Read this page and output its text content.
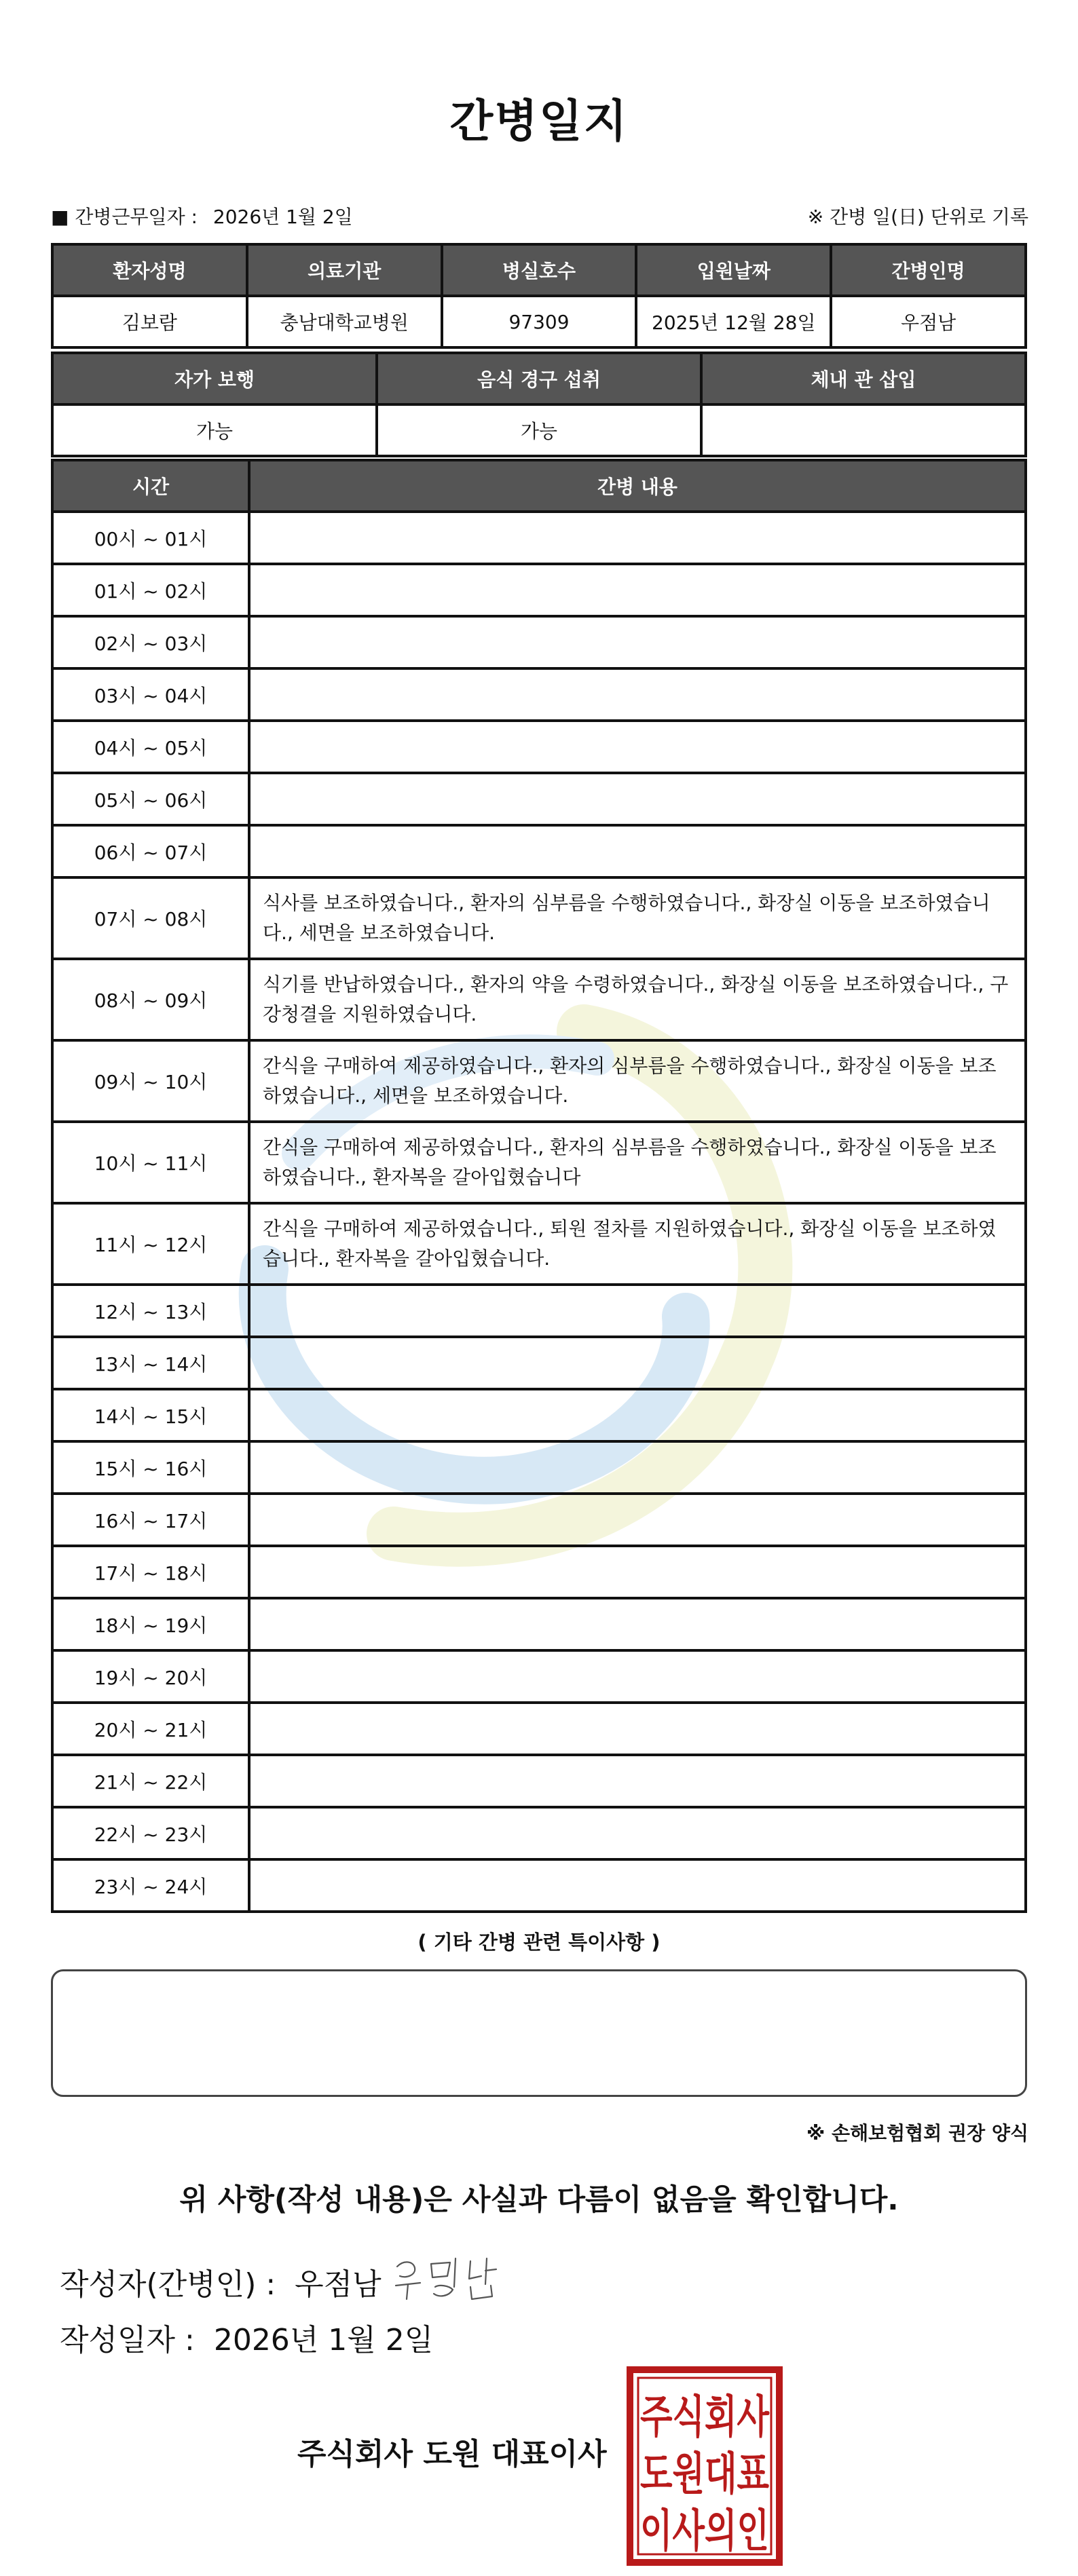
간병일지
■ 간병근무일자 : 2026년 1월 2일	※ 간병 일(日) 단위로 기록
환자성명	의료기관	병실호수	입원날짜	간병인명
김보람	충남대학교병원	97309	2025년 12월 28일	우점남
자가 보행	음식 경구 섭취	체내 관 삽입
가능	가능	
시간	간병 내용
00시 ~ 01시	
01시 ~ 02시	
02시 ~ 03시	
03시 ~ 04시	
04시 ~ 05시	
05시 ~ 06시	
06시 ~ 07시	
07시 ~ 08시	식사를 보조하였습니다., 환자의 심부름을 수행하였습니다., 화장실 이동을 보조하였습니다., 세면을 보조하였습니다.
08시 ~ 09시	식기를 반납하였습니다., 환자의 약을 수령하였습니다., 화장실 이동을 보조하였습니다., 구강청결을 지원하였습니다.
09시 ~ 10시	간식을 구매하여 제공하였습니다., 환자의 심부름을 수행하였습니다., 화장실 이동을 보조하였습니다., 세면을 보조하였습니다.
10시 ~ 11시	간식을 구매하여 제공하였습니다., 환자의 심부름을 수행하였습니다., 화장실 이동을 보조하였습니다., 환자복을 갈아입혔습니다
11시 ~ 12시	간식을 구매하여 제공하였습니다., 퇴원 절차를 지원하였습니다., 화장실 이동을 보조하였습니다., 환자복을 갈아입혔습니다.
12시 ~ 13시	
13시 ~ 14시	
14시 ~ 15시	
15시 ~ 16시	
16시 ~ 17시	
17시 ~ 18시	
18시 ~ 19시	
19시 ~ 20시	
20시 ~ 21시	
21시 ~ 22시	
22시 ~ 23시	
23시 ~ 24시	
( 기타 간병 관련 특이사항 )
※ 손해보험협회 권장 양식
위 사항(작성 내용)은 사실과 다름이 없음을 확인합니다.
작성자(간병인) : 우점남
작성일자 : 2026년 1월 2일
주식회사 도원 대표이사
주식회사
도원대표
이사의인
